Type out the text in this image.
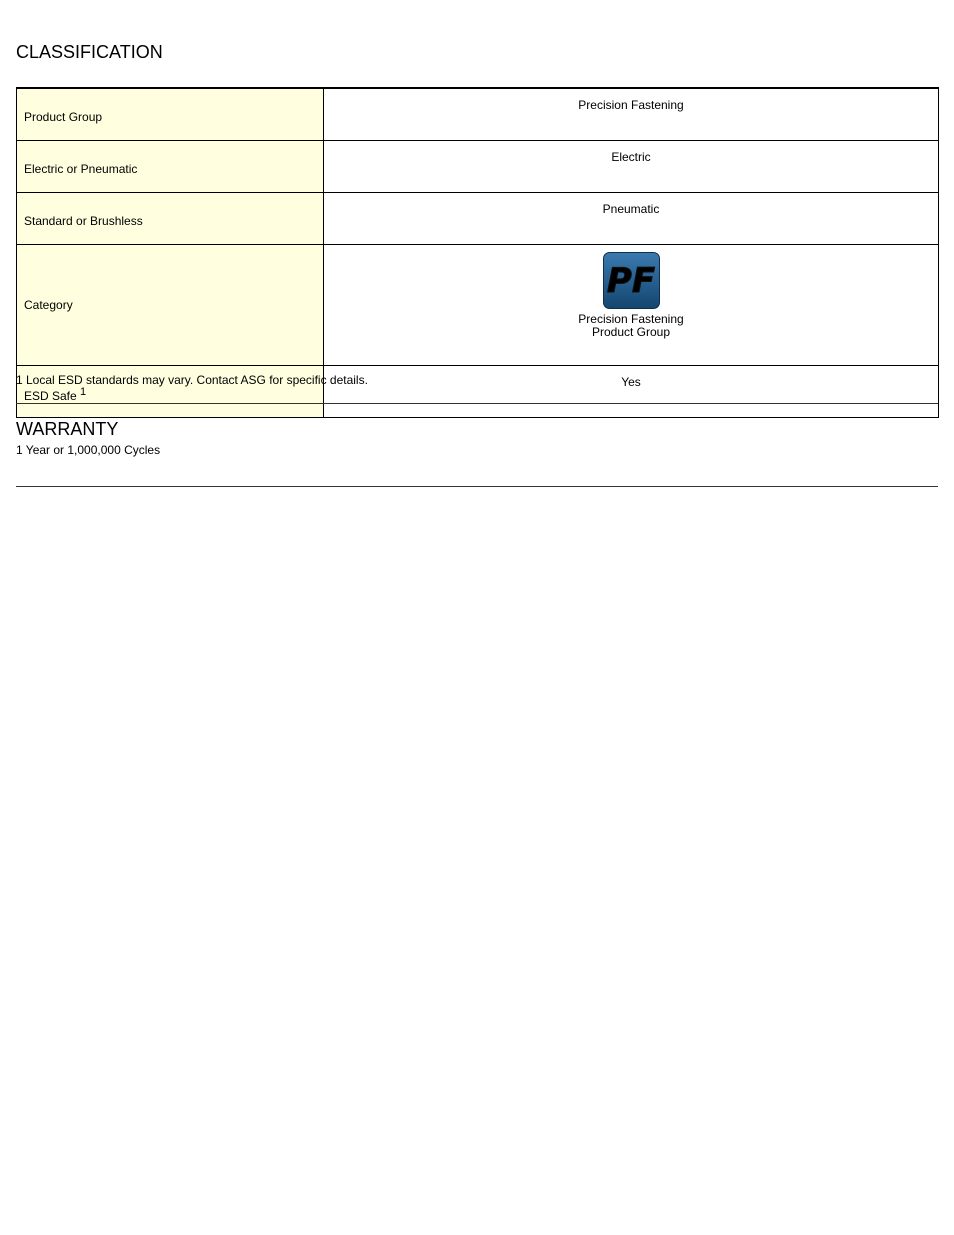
CLASSIFICATION
Product Group	Precision Fastening
Electric or Pneumatic	Electric
Standard or Brushless	Pneumatic
Category	PF
Precision Fastening
Product Group

ESD Safe $^1$	Yes

1 Local ESD standards may vary. Contact ASG for specific details.

WARRANTY

1 Year or 1,000,000 Cycles
